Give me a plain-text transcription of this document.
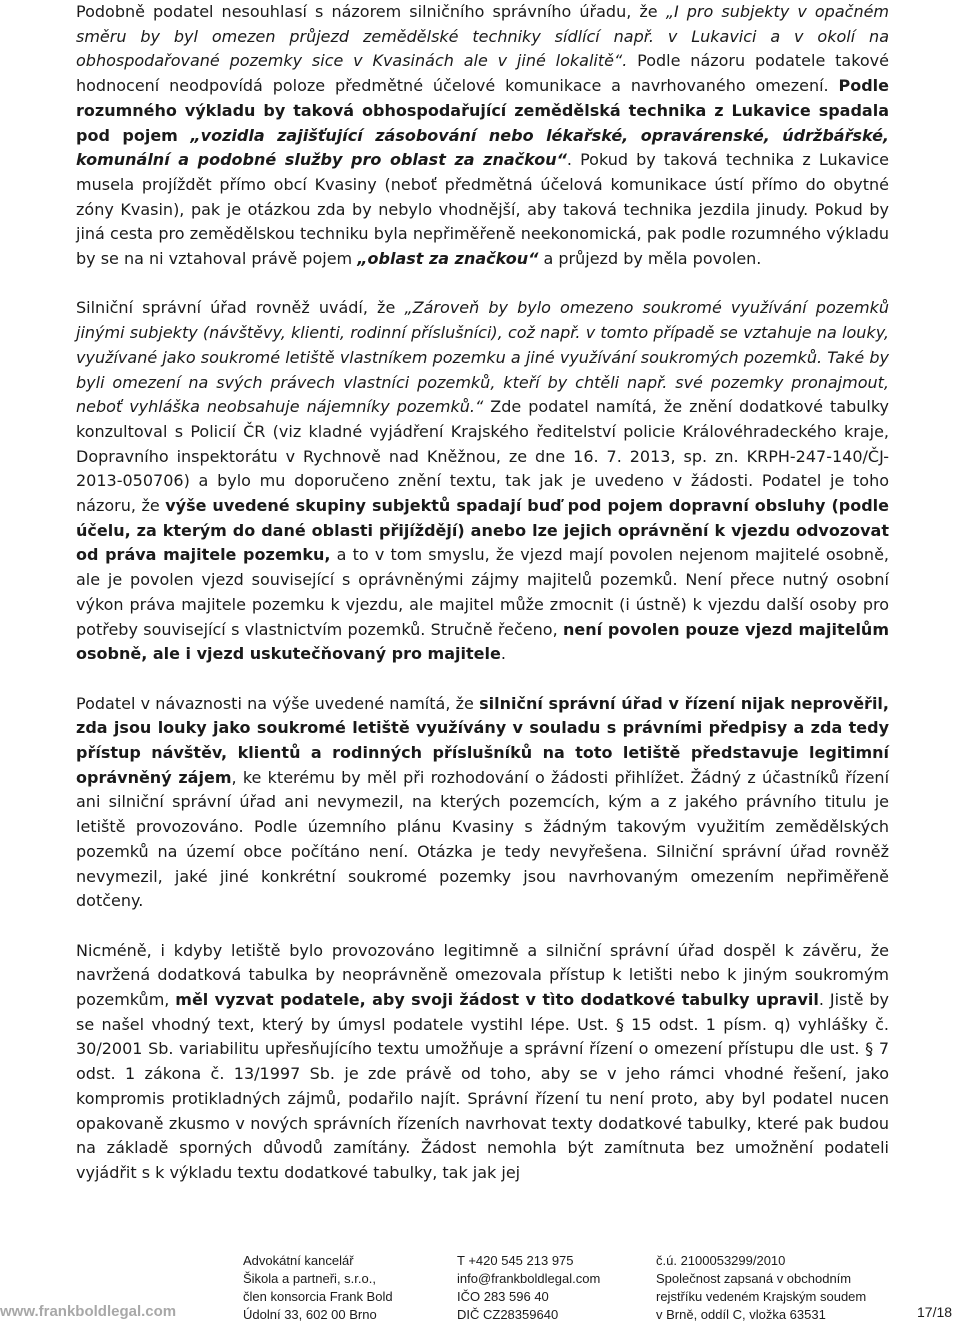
Podobně podatel nesouhlasí s názorem silničního správního úřadu, že „I pro subjekty v opačném směru by byl omezen průjezd zemědělské techniky sídlící např. v Lukavici a v okolí na obhospodařované pozemky sice v Kvasinách ale v jiné lokalitě“. Podle názoru podatele takové hodnocení neodpovídá poloze předmětné účelové komunikace a navrhovaného omezení. Podle rozumného výkladu by taková obhospodařující zemědělská technika z Lukavice spadala pod pojem „vozidla zajišťující zásobování nebo lékařské, opravárenské, údržbářské, komunální a podobné služby pro oblast za značkou“. Pokud by taková technika z Lukavice musela projíždět přímo obcí Kvasiny (neboť předmětná účelová komunikace ústí přímo do obytné zóny Kvasin), pak je otázkou zda by nebylo vhodnější, aby taková technika jezdila jinudy. Pokud by jiná cesta pro zemědělskou techniku byla nepřiměřeně neekonomická, pak podle rozumného výkladu by se na ni vztahoval právě pojem „oblast za značkou“ a průjezd by měla povolen.

Silniční správní úřad rovněž uvádí, že „Zároveň by bylo omezeno soukromé využívání pozemků jinými subjekty (návštěvy, klienti, rodinní příslušníci), což např. v tomto případě se vztahuje na louky, využívané jako soukromé letiště vlastníkem pozemku a jiné využívání soukromých pozemků. Také by byli omezení na svých právech vlastníci pozemků, kteří by chtěli např. své pozemky pronajmout, neboť vyhláška neobsahuje nájemníky pozemků.“ Zde podatel namítá, že znění dodatkové tabulky konzultoval s Policií ČR (viz kladné vyjádření Krajského ředitelství policie Královéhradeckého kraje, Dopravního inspektorátu v Rychnově nad Kněžnou, ze dne 16. 7. 2013, sp. zn. KRPH-247-140/ČJ-2013-050706) a bylo mu doporučeno znění textu, tak jak je uvedeno v žádosti. Podatel je toho názoru, že výše uvedené skupiny subjektů spadají buď pod pojem dopravní obsluhy (podle účelu, za kterým do dané oblasti přijíždějí) anebo lze jejich oprávnění k vjezdu odvozovat od práva majitele pozemku, a to v tom smyslu, že vjezd mají povolen nejenom majitelé osobně, ale je povolen vjezd související s oprávněnými zájmy majitelů pozemků. Není přece nutný osobní výkon práva majitele pozemku k vjezdu, ale majitel může zmocnit (i ústně) k vjezdu další osoby pro potřeby související s vlastnictvím pozemků. Stručně řečeno, není povolen pouze vjezd majitelům osobně, ale i vjezd uskutečňovaný pro majitele.

Podatel v návaznosti na výše uvedené namítá, že silniční správní úřad v řízení nijak neprověřil, zda jsou louky jako soukromé letiště využívány v souladu s právními předpisy a zda tedy přístup návštěv, klientů a rodinných příslušníků na toto letiště představuje legitimní oprávněný zájem, ke kterému by měl při rozhodování o žádosti přihlížet. Žádný z účastníků řízení ani silniční správní úřad ani nevymezil, na kterých pozemcích, kým a z jakého právního titulu je letiště provozováno. Podle územního plánu Kvasiny s žádným takovým využitím zemědělských pozemků na území obce počítáno není. Otázka je tedy nevyřešena. Silniční správní úřad rovněž nevymezil, jaké jiné konkrétní soukromé pozemky jsou navrhovaným omezením nepřiměřeně dotčeny.

Nicméně, i kdyby letiště bylo provozováno legitimně a silniční správní úřad dospěl k závěru, že navržená dodatková tabulka by neoprávněně omezovala přístup k letišti nebo k jiným soukromým pozemkům, měl vyzvat podatele, aby svoji žádost v tìto dodatkové tabulky upravil. Jistě by se našel vhodný text, který by úmysl podatele vystihl lépe. Ust. § 15 odst. 1 písm. q) vyhlášky č. 30/2001 Sb. variabilitu upřesňujícího textu umožňuje a správní řízení o omezení přístupu dle ust. § 7 odst. 1 zákona č. 13/1997 Sb. je zde právě od toho, aby se v jeho rámci vhodné řešení, jako kompromis protikladných zájmů, podařilo najít. Správní řízení tu není proto, aby byl podatel nucen opakovaně zkusmo v nových správních řízeních navrhovat texty dodatkové tabulky, které pak budou na základě sporných důvodů zamítány. Žádost nemohla být zamítnuta bez umožnění podateli vyjádřit s k výkladu textu dodatkové tabulky, tak jak jej

www.frankboldlegal.com
Advokátní kancelář
Šikola a partneři, s.r.o.,
člen konsorcia Frank Bold
Údolní 33, 602 00 Brno
T +420 545 213 975
info@frankboldlegal.com
IČO 283 596 40
DIČ CZ28359640
č.ú. 2100053299/2010
Společnost zapsaná v obchodním
rejstříku vedeném Krajským soudem
v Brně, oddíl C, vložka 63531	17/18
